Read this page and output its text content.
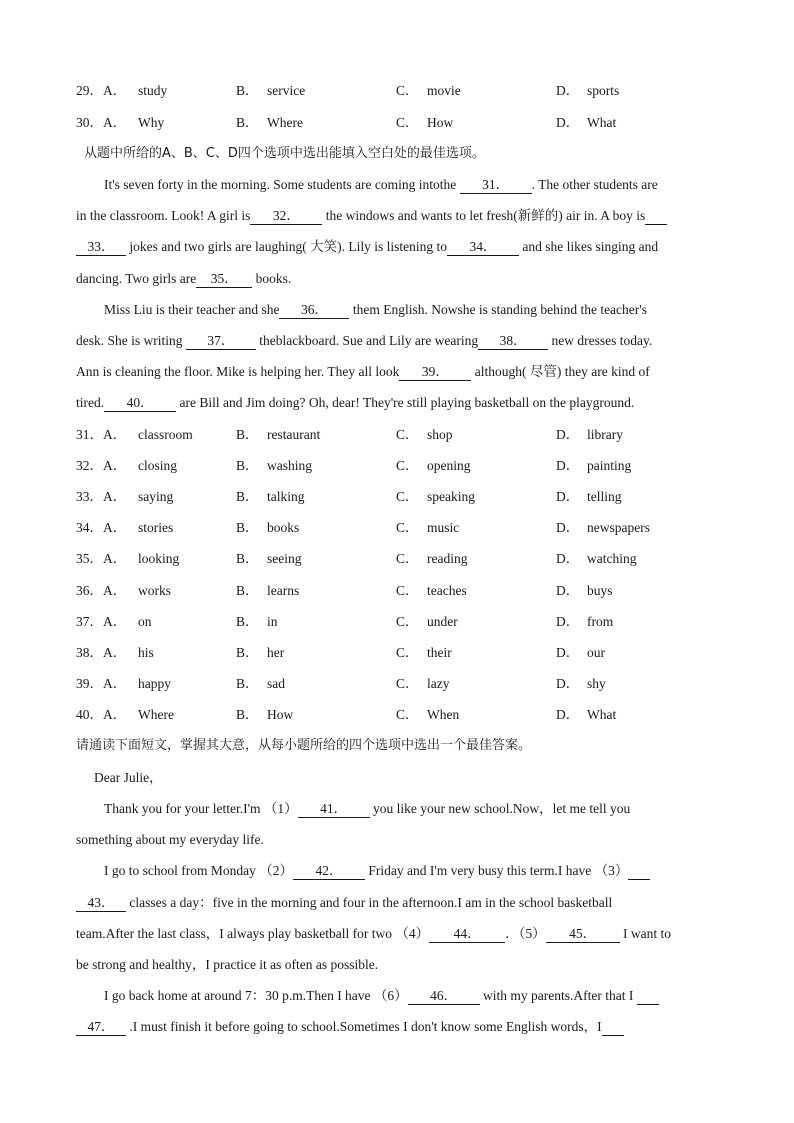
29．A． study	B． service	C． movie	D． sports
30．A． Why	B． Where	C． How	D． What
从题中所给的A、B、C、D四个选项中选出能填入空白处的最佳选项。
It's seven forty in the morning. Some students are coming intothe 31． . The other students are
in the classroom. Look! A girl is 32． the windows and wants to let fresh(新鲜的) air in. A boy is
33． jokes and two girls are laughing( 大笑). Lily is listening to 34． and she likes singing and
dancing. Two girls are 35． books.
Miss Liu is their teacher and she 36． them English. Nowshe is standing behind the teacher's
desk. She is writing 37． theblackboard. Sue and Lily are wearing 38． new dresses today.
Ann is cleaning the floor. Mike is helping her. They all look 39． although( 尽管) they are kind of
tired. 40． are Bill and Jim doing? Oh, dear! They're still playing basketball on the playground.
31．A． classroom	B． restaurant	C． shop	D． library
32．A． closing	B． washing	C． opening	D． painting
33．A． saying	B． talking	C． speaking	D． telling
34．A． stories	B． books	C． music	D． newspapers
35．A． looking	B． seeing	C． reading	D． watching
36．A． works	B． learns	C． teaches	D． buys
37．A． on	B． in	C． under	D． from
38．A． his	B． her	C． their	D． our
39．A． happy	B． sad	C． lazy	D． shy
40．A． Where	B． How	C． When	D． What
请通读下面短文，掌握其大意，从每小题所给的四个选项中选出一个最佳答案。
Dear Julie，
Thank you for your letter.I'm （1） 41． you like your new school.Now，let me tell you
something about my everyday life.
I go to school from Monday （2） 42． Friday and I'm very busy this term.I have （3）
43． classes a day：five in the morning and four in the afternoon.I am in the school basketball
team.After the last class，I always play basketball for two （4） 44． ．（5） 45． I want to
be strong and healthy，I practice it as often as possible.
I go back home at around 7：30 p.m.Then I have （6） 46． with my parents.After that I
47． .I must finish it before going to school.Sometimes I don't know some English words，I
